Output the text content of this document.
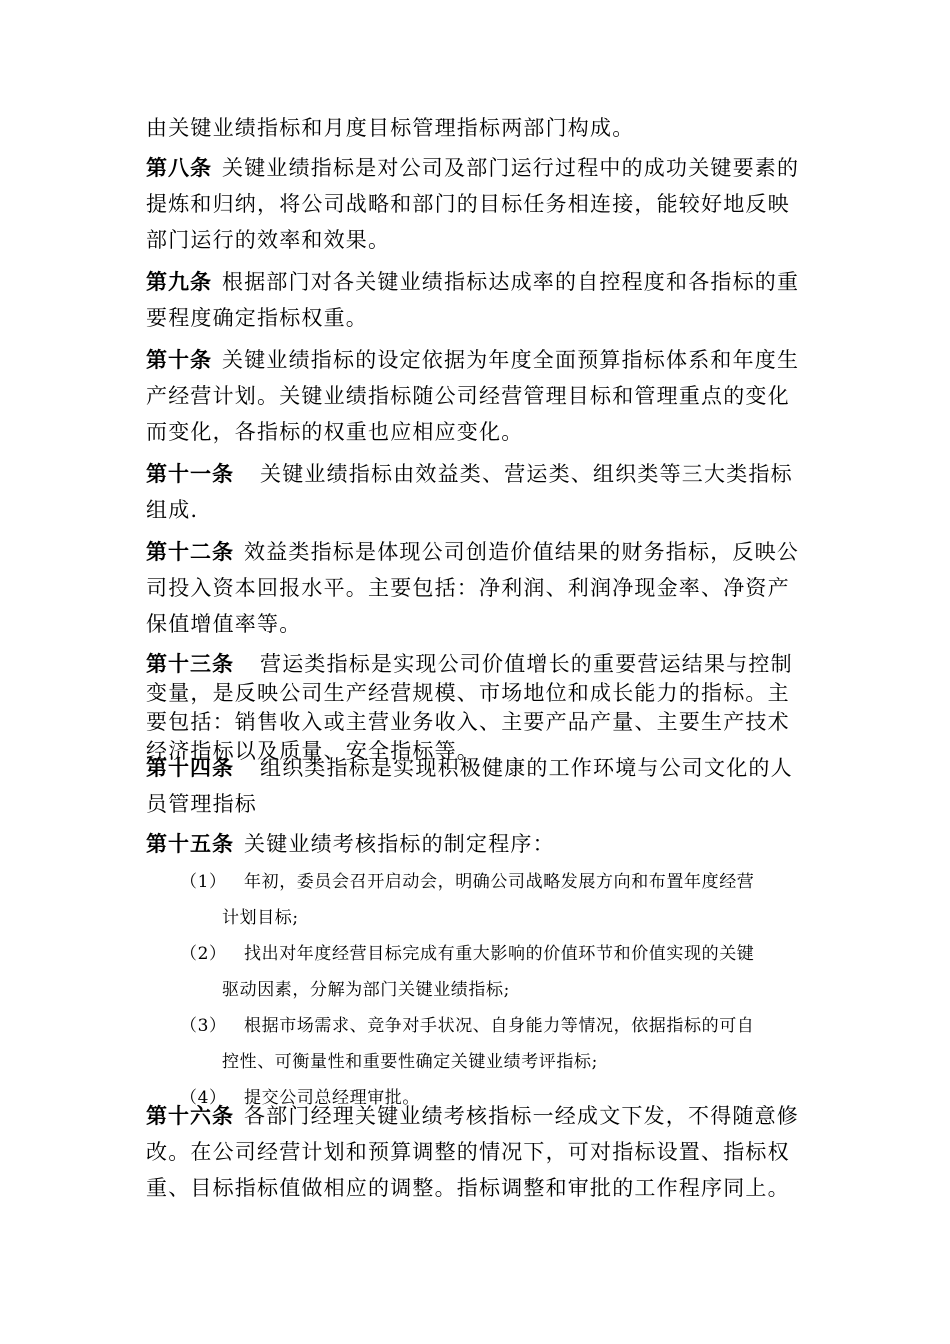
由关键业绩指标和月度目标管理指标两部门构成。

第八条 关键业绩指标是对公司及部门运行过程中的成功关键要素的提炼和归纳，将公司战略和部门的目标任务相连接，能较好地反映部门运行的效率和效果。

第九条 根据部门对各关键业绩指标达成率的自控程度和各指标的重要程度确定指标权重。

第十条 关键业绩指标的设定依据为年度全面预算指标体系和年度生产经营计划。关键业绩指标随公司经营管理目标和管理重点的变化而变化，各指标的权重也应相应变化。

第十一条 关键业绩指标由效益类、营运类、组织类等三大类指标组成.

第十二条 效益类指标是体现公司创造价值结果的财务指标，反映公司投入资本回报水平。主要包括：净利润、利润净现金率、净资产保值增值率等。

第十三条 营运类指标是实现公司价值增长的重要营运结果与控制变量，是反映公司生产经营规模、市场地位和成长能力的指标。主要包括：销售收入或主营业务收入、主要产品产量、主要生产技术经济指标以及质量、安全指标等。

第十四条 组织类指标是实现积极健康的工作环境与公司文化的人员管理指标

第十五条 关键业绩考核指标的制定程序：

（1） 年初，委员会召开启动会，明确公司战略发展方向和布置年度经营
计划目标;
（2） 找出对年度经营目标完成有重大影响的价值环节和价值实现的关键
驱动因素，分解为部门关键业绩指标;
（3） 根据市场需求、竞争对手状况、自身能力等情况，依据指标的可自
控性、可衡量性和重要性确定关键业绩考评指标;
（4） 提交公司总经理审批。

第十六条 各部门经理关键业绩考核指标一经成文下发，不得随意修改。在公司经营计划和预算调整的情况下，可对指标设置、指标权重、目标指标值做相应的调整。指标调整和审批的工作程序同上。
